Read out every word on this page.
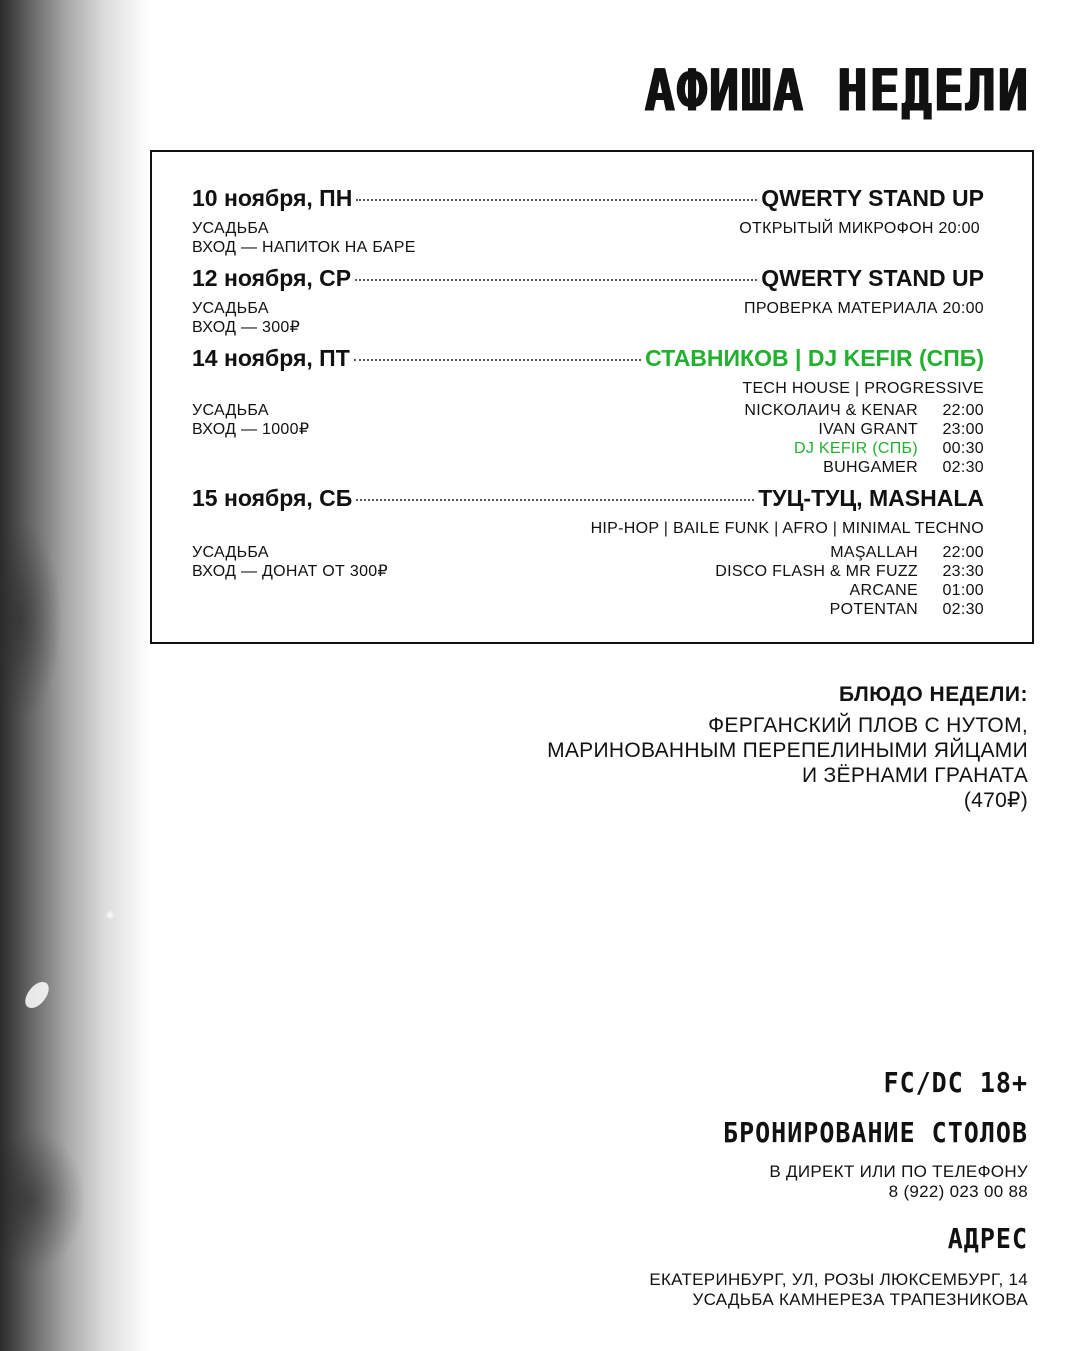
АФИША НЕДЕЛИ
10 ноября, ПН	QWERTY STAND UP
УСАДЬБА
ВХОД — НАПИТОК НА БАРЕ
ОТКРЫТЫЙ МИКРОФОН 20:00
12 ноября, СР	QWERTY STAND UP
УСАДЬБА
ВХОД — 300₽
ПРОВЕРКА МАТЕРИАЛА 20:00
14 ноября, ПТ	СТАВНИКОВ | DJ KEFIR (СПБ)
TECH HOUSE | PROGRESSIVE
УСАДЬБА
ВХОД — 1000₽
NICKОЛАИЧ & KENAR	22:00
IVAN GRANT	23:00
DJ KEFIR (СПБ)	00:30
BUHGAMER	02:30
15 ноября, СБ	ТУЦ-ТУЦ, MASHALA
HIP-HOP | BAILE FUNK | AFRO | MINIMAL TECHNO
УСАДЬБА
ВХОД — ДОНАТ ОТ 300₽
MAŞALLAH	22:00
DISCO FLASH & MR FUZZ	23:30
ARCANE	01:00
POTENTAN	02:30
БЛЮДО НЕДЕЛИ:
ФЕРГАНСКИЙ ПЛОВ С НУТОМ,
МАРИНОВАННЫМ ПЕРЕПЕЛИНЫМИ ЯЙЦАМИ
И ЗЁРНАМИ ГРАНАТА
(470₽)
FC/DC 18+
БРОНИРОВАНИЕ СТОЛОВ
В ДИРЕКТ ИЛИ ПО ТЕЛЕФОНУ
8 (922) 023 00 88
АДРЕС
ЕКАТЕРИНБУРГ, УЛ, РОЗЫ ЛЮКСЕМБУРГ, 14
УСАДЬБА КАМНЕРЕЗА ТРАПЕЗНИКОВА
